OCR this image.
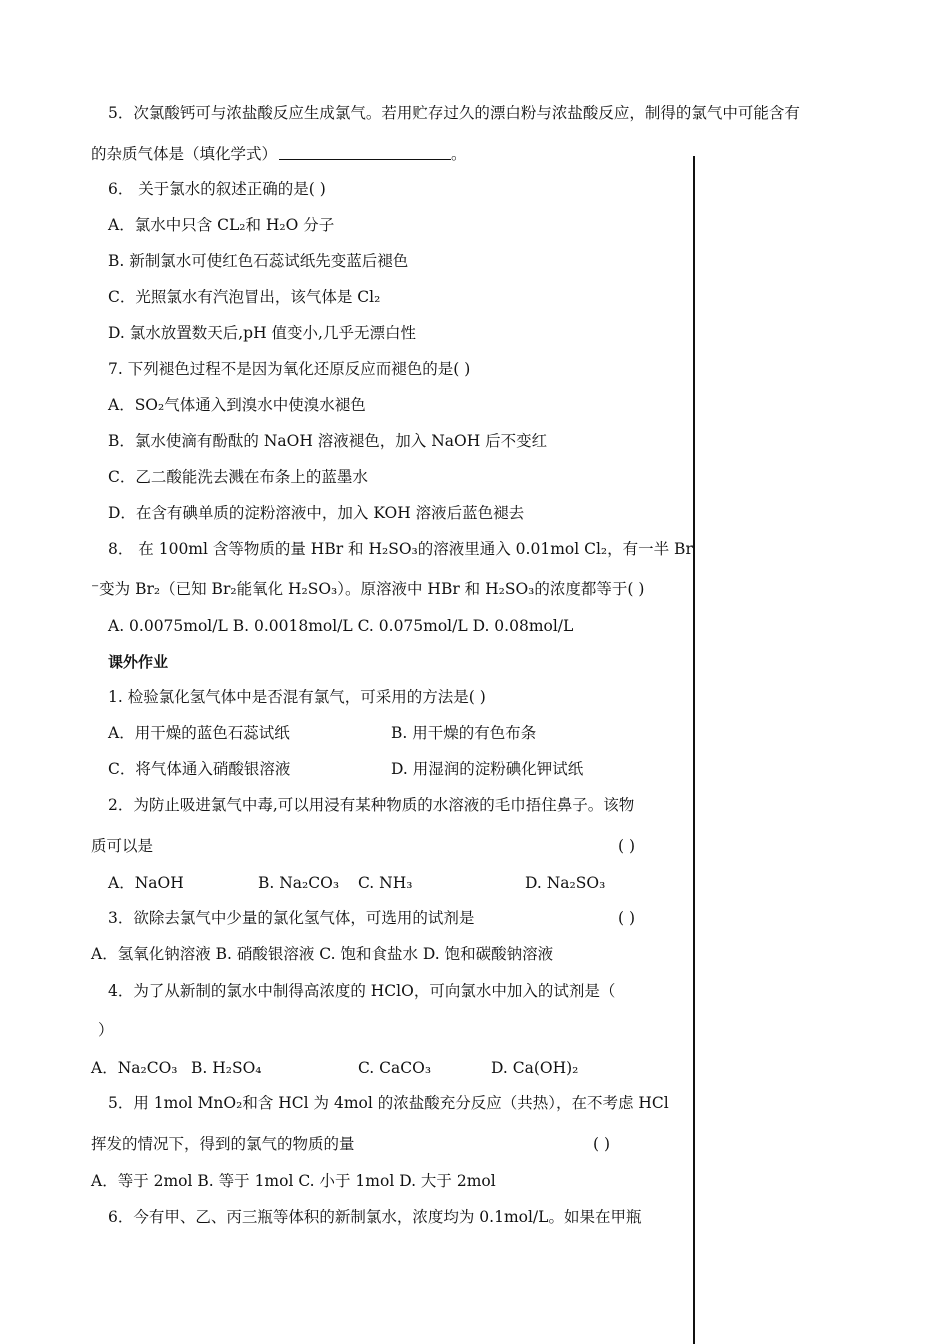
5．次氯酸钙可与浓盐酸反应生成氯气。若用贮存过久的漂白粉与浓盐酸反应，制得的氯气中可能含有
的杂质气体是（填化学式）	。
6． 关于氯水的叙述正确的是( )
A．氯水中只含 CL₂和 H₂O 分子
B. 新制氯水可使红色石蕊试纸先变蓝后褪色
C．光照氯水有汽泡冒出，该气体是 Cl₂
D. 氯水放置数天后,pH 值变小,几乎无漂白性
7. 下列褪色过程不是因为氧化还原反应而褪色的是( )
A．SO₂气体通入到溴水中使溴水褪色
B．氯水使滴有酚酞的 NaOH 溶液褪色，加入 NaOH 后不变红
C．乙二酸能洗去溅在布条上的蓝墨水
D．在含有碘单质的淀粉溶液中，加入 KOH 溶液后蓝色褪去
8． 在 100ml 含等物质的量 HBr 和 H₂SO₃的溶液里通入 0.01mol Cl₂，有一半 Br
⁻变为 Br₂（已知 Br₂能氧化 H₂SO₃）。原溶液中 HBr 和 H₂SO₃的浓度都等于( )
A. 0.0075mol/L B. 0.0018mol/L C. 0.075mol/L D. 0.08mol/L
课外作业
1. 检验氯化氢气体中是否混有氯气，可采用的方法是( )
A．用干燥的蓝色石蕊试纸	B. 用干燥的有色布条
C．将气体通入硝酸银溶液	D. 用湿润的淀粉碘化钾试纸
2．为防止吸进氯气中毒,可以用浸有某种物质的水溶液的毛巾捂住鼻子。该物
质可以是	( )
A．NaOH	B. Na₂CO₃ C. NH₃	D. Na₂SO₃
3．欲除去氯气中少量的氯化氢气体，可选用的试剂是	( )
A．氢氧化钠溶液 B. 硝酸银溶液 C. 饱和食盐水 D. 饱和碳酸钠溶液
4．为了从新制的氯水中制得高浓度的 HClO，可向氯水中加入的试剂是（
）
A．Na₂CO₃ B. H₂SO₄	C. CaCO₃	D. Ca(OH)₂
5．用 1mol MnO₂和含 HCl 为 4mol 的浓盐酸充分反应（共热），在不考虑 HCl
挥发的情况下，得到的氯气的物质的量	( )
A．等于 2mol B. 等于 1mol C. 小于 1mol D. 大于 2mol
6．今有甲、乙、丙三瓶等体积的新制氯水，浓度均为 0.1mol/L。如果在甲瓶
